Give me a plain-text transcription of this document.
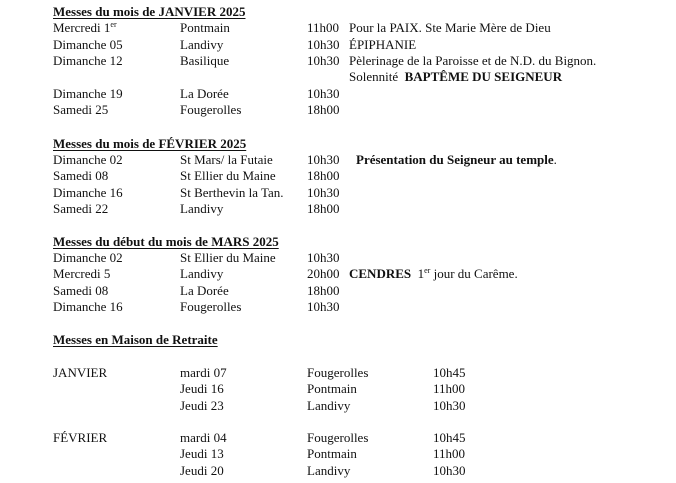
Messes du mois de JANVIER 2025
Mercredi 1er	Pontmain	11h00 Pour la PAIX. Ste Marie Mère de Dieu
Dimanche 05	Landivy	10h30 ÉPIPHANIE
Dimanche 12	Basilique	10h30 Pèlerinage de la Paroisse et de N.D. du Bignon.
Solennité BAPTÊME DU SEIGNEUR
Dimanche 19	La Dorée	10h30
Samedi 25	Fougerolles	18h00
Messes du mois de FÉVRIER 2025
Dimanche 02	St Mars/ la Futaie	10h30 Présentation du Seigneur au temple.
Samedi 08	St Ellier du Maine 18h00
Dimanche 16	St Berthevin la Tan. 10h30
Samedi 22	Landivy	18h00
Messes du début du mois de MARS 2025
Dimanche 02	St Ellier du Maine 10h30
Mercredi 5	Landivy	20h00 CENDRES 1er jour du Carême.
Samedi 08	La Dorée	18h00
Dimanche 16	Fougerolles	10h30
Messes en Maison de Retraite
JANVIER	mardi 07	Fougerolles	10h45
Jeudi 16	Pontmain	11h00
Jeudi 23	Landivy	10h30
FÉVRIER	mardi 04	Fougerolles	10h45
Jeudi 13	Pontmain	11h00
Jeudi 20	Landivy	10h30
